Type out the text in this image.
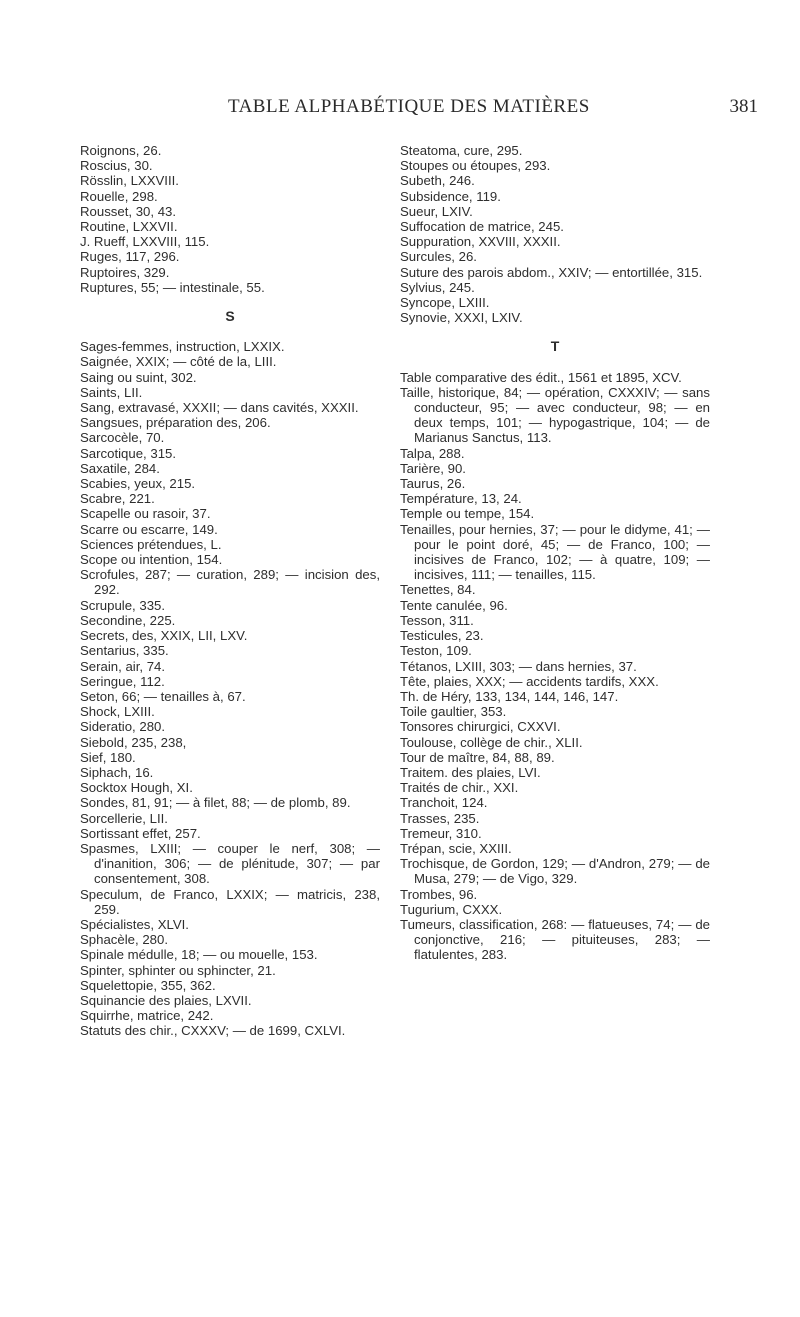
TABLE ALPHABÉTIQUE DES MATIÈRES	381

Roignons, 26.

Roscius, 30.

Rösslin, LXXVIII.

Rouelle, 298.

Rousset, 30, 43.

Routine, LXXVII.

J. Rueff, LXXVIII, 115.

Ruges, 117, 296.

Ruptoires, 329.

Ruptures, 55; — intestinale, 55.

S

Sages-femmes, instruction, LXXIX.

Saignée, XXIX; — côté de la, LIII.

Saing ou suint, 302.

Saints, LII.

Sang, extravasé, XXXII; — dans cavités, XXXII.

Sangsues, préparation des, 206.

Sarcocèle, 70.

Sarcotique, 315.

Saxatile, 284.

Scabies, yeux, 215.

Scabre, 221.

Scapelle ou rasoir, 37.

Scarre ou escarre, 149.

Sciences prétendues, L.

Scope ou intention, 154.

Scrofules, 287; — curation, 289; — incision des, 292.

Scrupule, 335.

Secondine, 225.

Secrets, des, XXIX, LII, LXV.

Sentarius, 335.

Serain, air, 74.

Seringue, 112.

Seton, 66; — tenailles à, 67.

Shock, LXIII.

Sideratio, 280.

Siebold, 235, 238,

Sief, 180.

Siphach, 16.

Socktox Hough, XI.

Sondes, 81, 91; — à filet, 88; — de plomb, 89.

Sorcellerie, LII.

Sortissant effet, 257.

Spasmes, LXIII; — couper le nerf, 308; — d'inanition, 306; — de plénitude, 307; — par consentement, 308.

Speculum, de Franco, LXXIX; — matricis, 238, 259.

Spécialistes, XLVI.

Sphacèle, 280.

Spinale médulle, 18; — ou mouelle, 153.

Spinter, sphinter ou sphincter, 21.

Squelettopie, 355, 362.

Squinancie des plaies, LXVII.

Squirrhe, matrice, 242.

Statuts des chir., CXXXV; — de 1699, CXLVI.

Steatoma, cure, 295.

Stoupes ou étoupes, 293.

Subeth, 246.

Subsidence, 119.

Sueur, LXIV.

Suffocation de matrice, 245.

Suppuration, XXVIII, XXXII.

Surcules, 26.

Suture des parois abdom., XXIV; — entortillée, 315.

Sylvius, 245.

Syncope, LXIII.

Synovie, XXXI, LXIV.

T

Table comparative des édit., 1561 et 1895, XCV.

Taille, historique, 84; — opération, CXXXIV; — sans conducteur, 95; — avec conducteur, 98; — en deux temps, 101; — hypogastrique, 104; — de Marianus Sanctus, 113.

Talpa, 288.

Tarière, 90.

Taurus, 26.

Température, 13, 24.

Temple ou tempe, 154.

Tenailles, pour hernies, 37; — pour le didyme, 41; — pour le point doré, 45; — de Franco, 100; — incisives de Franco, 102; — à quatre, 109; — incisives, 111; — tenailles, 115.

Tenettes, 84.

Tente canulée, 96.

Tesson, 311.

Testicules, 23.

Teston, 109.

Tétanos, LXIII, 303; — dans hernies, 37.

Tête, plaies, XXX; — accidents tardifs, XXX.

Th. de Héry, 133, 134, 144, 146, 147.

Toile gaultier, 353.

Tonsores chirurgici, CXXVI.

Toulouse, collège de chir., XLII.

Tour de maître, 84, 88, 89.

Traitem. des plaies, LVI.

Traités de chir., XXI.

Tranchoit, 124.

Trasses, 235.

Tremeur, 310.

Trépan, scie, XXIII.

Trochisque, de Gordon, 129; — d'Andron, 279; — de Musa, 279; — de Vigo, 329.

Trombes, 96.

Tugurium, CXXX.

Tumeurs, classification, 268: — flatueuses, 74; — de conjonctive, 216; — pituiteuses, 283; — flatulentes, 283.
